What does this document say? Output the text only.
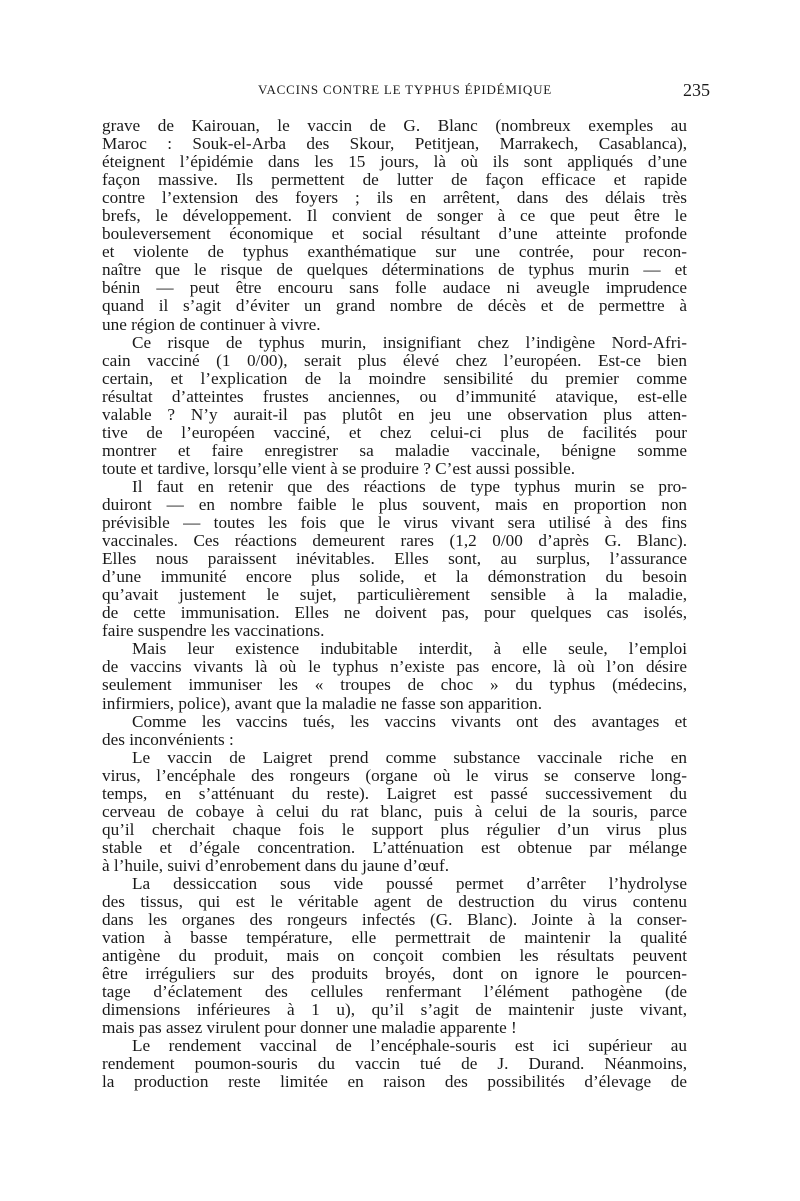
VACCINS CONTRE LE TYPHUS ÉPIDÉMIQUE	235
grave de Kairouan, le vaccin de G. Blanc (nombreux exemples au
Maroc : Souk-el-Arba des Skour, Petitjean, Marrakech, Casablanca),
éteignent l’épidémie dans les 15 jours, là où ils sont appliqués d’une
façon massive. Ils permettent de lutter de façon efficace et rapide
contre l’extension des foyers ; ils en arrêtent, dans des délais très
brefs, le développement. Il convient de songer à ce que peut être le
bouleversement économique et social résultant d’une atteinte profonde
et violente de typhus exanthématique sur une contrée, pour recon-
naître que le risque de quelques déterminations de typhus murin — et
bénin — peut être encouru sans folle audace ni aveugle imprudence
quand il s’agit d’éviter un grand nombre de décès et de permettre à
une région de continuer à vivre.
Ce risque de typhus murin, insignifiant chez l’indigène Nord-Afri-
cain vacciné (1 0/00), serait plus élevé chez l’européen. Est-ce bien
certain, et l’explication de la moindre sensibilité du premier comme
résultat d’atteintes frustes anciennes, ou d’immunité atavique, est-elle
valable ? N’y aurait-il pas plutôt en jeu une observation plus atten-
tive de l’européen vacciné, et chez celui-ci plus de facilités pour
montrer et faire enregistrer sa maladie vaccinale, bénigne somme
toute et tardive, lorsqu’elle vient à se produire ? C’est aussi possible.
Il faut en retenir que des réactions de type typhus murin se pro-
duiront — en nombre faible le plus souvent, mais en proportion non
prévisible — toutes les fois que le virus vivant sera utilisé à des fins
vaccinales. Ces réactions demeurent rares (1,2 0/00 d’après G. Blanc).
Elles nous paraissent inévitables. Elles sont, au surplus, l’assurance
d’une immunité encore plus solide, et la démonstration du besoin
qu’avait justement le sujet, particulièrement sensible à la maladie,
de cette immunisation. Elles ne doivent pas, pour quelques cas isolés,
faire suspendre les vaccinations.
Mais leur existence indubitable interdit, à elle seule, l’emploi
de vaccins vivants là où le typhus n’existe pas encore, là où l’on désire
seulement immuniser les « troupes de choc » du typhus (médecins,
infirmiers, police), avant que la maladie ne fasse son apparition.
Comme les vaccins tués, les vaccins vivants ont des avantages et
des inconvénients :
Le vaccin de Laigret prend comme substance vaccinale riche en
virus, l’encéphale des rongeurs (organe où le virus se conserve long-
temps, en s’atténuant du reste). Laigret est passé successivement du
cerveau de cobaye à celui du rat blanc, puis à celui de la souris, parce
qu’il cherchait chaque fois le support plus régulier d’un virus plus
stable et d’égale concentration. L’atténuation est obtenue par mélange
à l’huile, suivi d’enrobement dans du jaune d’œuf.
La dessiccation sous vide poussé permet d’arrêter l’hydrolyse
des tissus, qui est le véritable agent de destruction du virus contenu
dans les organes des rongeurs infectés (G. Blanc). Jointe à la conser-
vation à basse température, elle permettrait de maintenir la qualité
antigène du produit, mais on conçoit combien les résultats peuvent
être irréguliers sur des produits broyés, dont on ignore le pourcen-
tage d’éclatement des cellules renfermant l’élément pathogène (de
dimensions inférieures à 1 u), qu’il s’agit de maintenir juste vivant,
mais pas assez virulent pour donner une maladie apparente !
Le rendement vaccinal de l’encéphale-souris est ici supérieur au
rendement poumon-souris du vaccin tué de J. Durand. Néanmoins,
la production reste limitée en raison des possibilités d’élevage de
